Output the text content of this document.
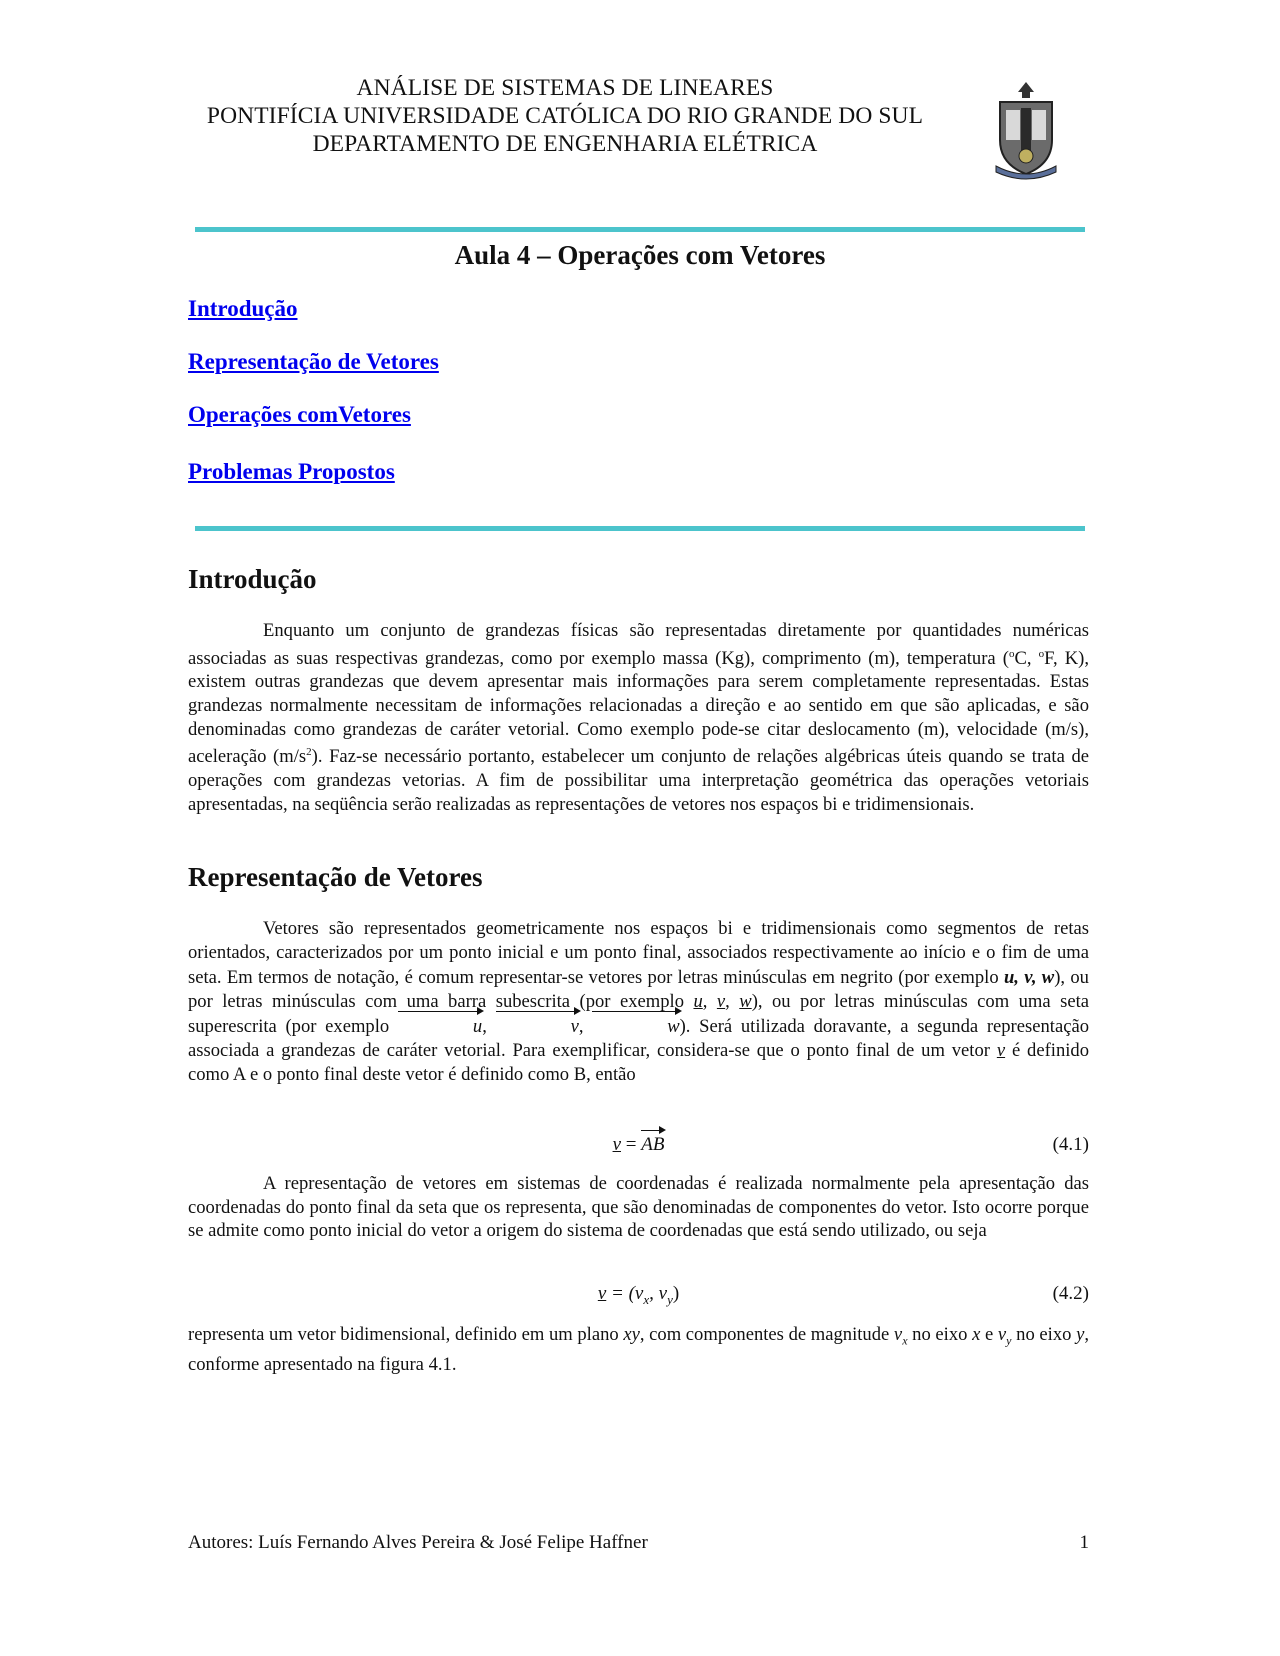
ANÁLISE DE SISTEMAS DE LINEARES
PONTIFÍCIA UNIVERSIDADE CATÓLICA DO RIO GRANDE DO SUL
DEPARTAMENTO DE ENGENHARIA ELÉTRICA
Aula 4 – Operações com Vetores
Introdução
Representação de Vetores
Operações comVetores
Problemas Propostos
Introdução

Enquanto um conjunto de grandezas físicas são representadas diretamente por quantidades numéricas associadas as suas respectivas grandezas, como por exemplo massa (Kg), comprimento (m), temperatura ($^o$C, $^o$F, K), existem outras grandezas que devem apresentar mais informações para serem completamente representadas. Estas grandezas normalmente necessitam de informações relacionadas a direção e ao sentido em que são aplicadas, e são denominadas como grandezas de caráter vetorial. Como exemplo pode-se citar deslocamento (m), velocidade (m/s), aceleração $(m/s^2)$. Faz-se necessário portanto, estabelecer um conjunto de relações algébricas úteis quando se trata de operações com grandezas vetorias. A fim de possibilitar uma interpretação geométrica das operações vetoriais apresentadas, na seqüência serão realizadas as representações de vetores nos espaços bi e tridimensionais.

Representação de Vetores

Vetores são representados geometricamente nos espaços bi e tridimensionais como segmentos de retas orientados, caracterizados por um ponto inicial e um ponto final, associados respectivamente ao início e o fim de uma seta. Em termos de notação, é comum representar-se vetores por letras minúsculas em negrito (por exemplo u, v, w), ou por letras minúsculas com uma barra subescrita (por exemplo u, v, w), ou por letras minúsculas com uma seta superescrita (por exemplo	u,	v,	w). Será utilizada doravante, a segunda representação associada a grandezas de caráter vetorial. Para exemplificar, considera-se que o ponto final de um vetor v é definido como A e o ponto final deste vetor é definido como B, então

v = AB	(4.1)

A representação de vetores em sistemas de coordenadas é realizada normalmente pela apresentação das coordenadas do ponto final da seta que os representa, que são denominadas de componentes do vetor. Isto ocorre porque se admite como ponto inicial do vetor a origem do sistema de coordenadas que está sendo utilizado, ou seja

$v = (v_x$, $v_y$)	(4.2)

representa um vetor bidimensional, definido em um plano xy, com componentes de magnitude $v_x$ no eixo x e $v_y$ no eixo y, conforme apresentado na figura 4.1.

Autores: Luís Fernando Alves Pereira & José Felipe Haffner	1
